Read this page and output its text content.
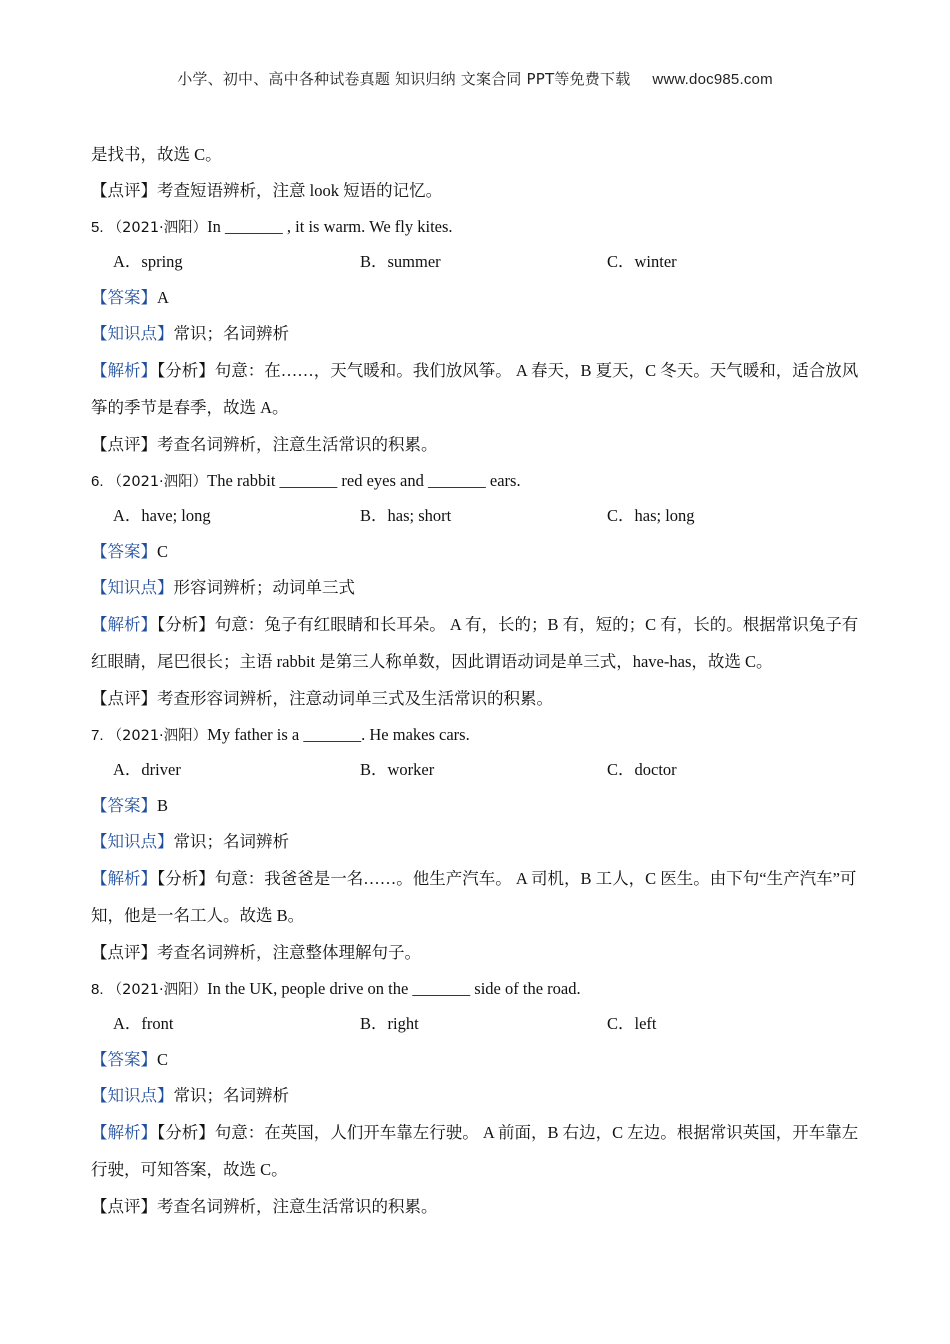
小学、初中、高中各种试卷真题 知识归纳 文案合同 PPT等免费下载 www.doc985.com
是找书，故选 C。
【点评】考查短语辨析，注意 look 短语的记忆。
5. （2021·泗阳）In _______ , it is warm. We fly kites.
A．spring	B．summer	C．winter
【答案】A
【知识点】常识；名词辨析

【解析】【分析】句意：在……，天气暖和。我们放风筝。 A 春天，B 夏天，C 冬天。天气暖和，适合放风筝的季节是春季，故选 A。

【点评】考查名词辨析，注意生活常识的积累。
6. （2021·泗阳）The rabbit _______ red eyes and _______ ears.
A．have; long	B．has; short	C．has; long
【答案】C
【知识点】形容词辨析；动词单三式

【解析】【分析】句意：兔子有红眼睛和长耳朵。 A 有，长的；B 有，短的；C 有，长的。根据常识兔子有红眼睛，尾巴很长；主语 rabbit 是第三人称单数，因此谓语动词是单三式，have-has，故选 C。

【点评】考查形容词辨析，注意动词单三式及生活常识的积累。
7. （2021·泗阳）My father is a _______. He makes cars.
A．driver	B．worker	C．doctor
【答案】B
【知识点】常识；名词辨析

【解析】【分析】句意：我爸爸是一名……。他生产汽车。 A 司机，B 工人，C 医生。由下句“生产汽车”可知，他是一名工人。故选 B。

【点评】考查名词辨析，注意整体理解句子。
8. （2021·泗阳）In the UK, people drive on the _______ side of the road.
A．front	B．right	C．left
【答案】C
【知识点】常识；名词辨析

【解析】【分析】句意：在英国，人们开车靠左行驶。 A 前面，B 右边，C 左边。根据常识英国，开车靠左行驶，可知答案，故选 C。

【点评】考查名词辨析，注意生活常识的积累。
